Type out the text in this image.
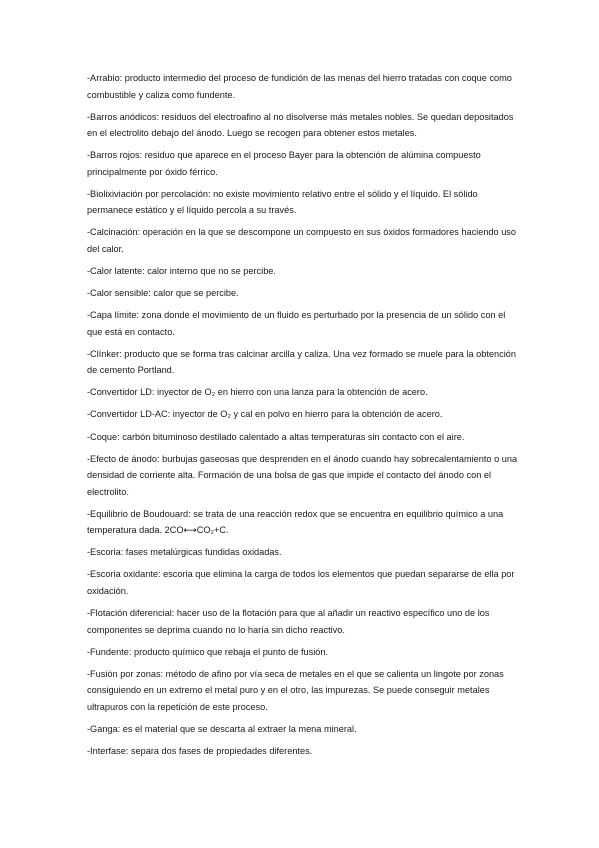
-Arrabio: producto intermedio del proceso de fundición de las menas del hierro tratadas con coque como combustible y caliza como fundente.

-Barros anódicos: residuos del electroafino al no disolverse más metales nobles. Se quedan depositados en el electrolito debajo del ánodo. Luego se recogen para obtener estos metales.

-Barros rojos: residuo que aparece en el proceso Bayer para la obtención de alúmina compuesto principalmente por óxido férrico.

-Biolixiviación por percolación: no existe movimiento relativo entre el sólido y el líquido. El sólido permanece estático y el líquido percola a su través.

-Calcinación: operación en la que se descompone un compuesto en sus óxidos formadores haciendo uso del calor.

-Calor latente: calor interno que no se percibe.

-Calor sensible: calor que se percibe.

-Capa límite: zona donde el movimiento de un fluido es perturbado por la presencia de un sólido con el que está en contacto.

-Clínker: producto que se forma tras calcinar arcilla y caliza. Una vez formado se muele para la obtención de cemento Portland.

-Convertidor LD: inyector de O₂ en hierro con una lanza para la obtención de acero.

-Convertidor LD-AC: inyector de O₂ y cal en polvo en hierro para la obtención de acero.

-Coque: carbón bituminoso destilado calentado a altas temperaturas sin contacto con el aire.

-Efecto de ánodo: burbujas gaseosas que desprenden en el ánodo cuando hay sobrecalentamiento o una densidad de corriente alta. Formación de una bolsa de gas que impide el contacto del ánodo con el electrolito.

-Equilibrio de Boudouard: se trata de una reacción redox que se encuentra en equilibrio químico a una temperatura dada. 2CO⟷CO₂+C.

-Escoria: fases metalúrgicas fundidas oxidadas.

-Escoria oxidante: escoria que elimina la carga de todos los elementos que puedan separarse de ella por oxidación.

-Flotación diferencial: hacer uso de la flotación para que al añadir un reactivo específico uno de los componentes se deprima cuando no lo haría sin dicho reactivo.

-Fundente: producto químico que rebaja el punto de fusión.

-Fusión por zonas: método de afino por vía seca de metales en el que se calienta un lingote por zonas consiguiendo en un extremo el metal puro y en el otro, las impurezas. Se puede conseguir metales ultrapuros con la repetición de este proceso.

-Ganga: es el material que se descarta al extraer la mena mineral.

-Interfase: separa dos fases de propiedades diferentes.
